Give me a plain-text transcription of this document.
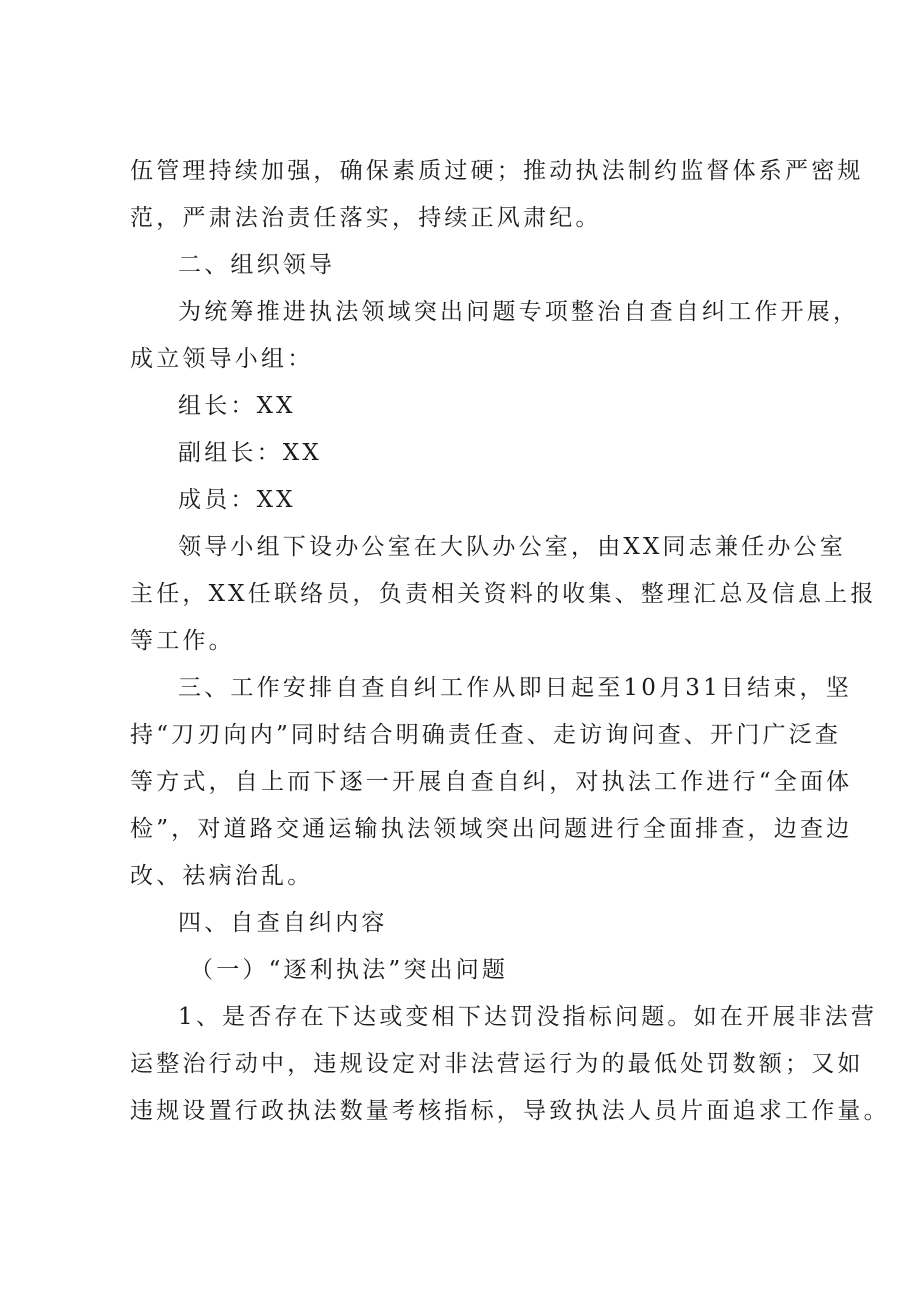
伍管理持续加强，确保素质过硬；推动执法制约监督体系严密规
范，严肃法治责任落实，持续正风肃纪。
二、组织领导
为统筹推进执法领域突出问题专项整治自查自纠工作开展，
成立领导小组：
组长：XX
副组长：XX
成员：XX
领导小组下设办公室在大队办公室，由XX同志兼任办公室
主任，XX任联络员，负责相关资料的收集、整理汇总及信息上报
等工作。
三、工作安排自查自纠工作从即日起至10月31日结束，坚
持“刀刃向内”同时结合明确责任查、走访询问查、开门广泛查
等方式，自上而下逐一开展自查自纠，对执法工作进行“全面体
检”，对道路交通运输执法领域突出问题进行全面排查，边查边
改、祛病治乱。
四、自查自纠内容
（一）“逐利执法”突出问题
1、是否存在下达或变相下达罚没指标问题。如在开展非法营
运整治行动中，违规设定对非法营运行为的最低处罚数额；又如
违规设置行政执法数量考核指标，导致执法人员片面追求工作量。
